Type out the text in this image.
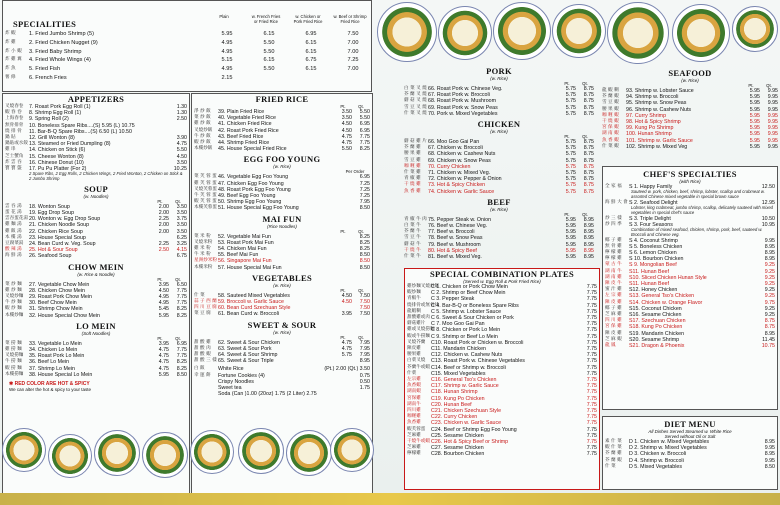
SPECIALITIES
Plain	w. French Fries
or Fried Rice
w. Chicken or
Pork Fried Rice
w. Beef or Shrimp
Fried Rice
炸 蝦	1. Fried Jumbo Shrimp (5)	5.95	6.15	6.95	7.50
炸 雞	2. Fried Chicken Nugget (9)	4.95	5.50	6.15	7.00
炸 小 蝦	3. Fried Baby Shrimp	4.95	5.50	6.15	7.00
炸 雞 翼	4. Fried Whole Wings (4)	5.15	6.15	6.75	7.25
炸 魚	5. Fried Fish	4.95	5.50	6.15	7.00
薯 條	6. French Fries	2.15
APPETIZERS
叉燒春卷	7. Roast Pork Egg Roll (1)	1.30
蝦 春 卷	8. Shrimp Egg Roll (1)	1.30
上海春卷	9. Spring Roll (2)	2.50
無骨排骨	10. Boneless Spare Ribs....(S) 5.95 (L) 10.75
燒 排 骨	11. Bar-B-Q Spare Ribs....(S) 6.50 (L) 10.50
鍋 貼	12. Grill Wonton (8)	3.90
鍋貼或水餃 13. Steamed or Fried Dumpling (8)	4.75
雞 串	14. Chicken on Stick (6)	5.50
芝士蟹角	15. Cheese Wonton (8)	4.50
炸 雲 吞	16. Chinese Donut (10)	3.50
寶 寶 盤	17. Pu Pu Platter (For 2)	10.25
2 Spare Ribs, 2 Egg Rolls, 2 Chicken Wings, 2 Fried Wonton, 2 Chicken on Stick & 2 Jumbo Shrimp
SOUP
(w. Noodles)
Pt.	Qt.
雲 吞 湯	18. Wonton Soup	2.00	3.50
蛋 花 湯	19. Egg Drop Soup	2.00	3.50
雲吞蛋花湯 20. Wonton w. Egg Drop Soup	2.25	3.75
雞 麵 湯	21. Chicken Noodle Soup	2.00	3.50
雞 飯 湯	22. Chicken Rice Soup	2.00	3.50
本 樓 湯	23. House Special Soup	6.25
豆腐菜湯	24. Bean Curd w. Veg. Soup	2.25	3.25
酸 辣 湯	25. Hot & Sour Soup	2.50	4.15
海 鮮 湯	26. Seafood Soup	6.75
CHOW MEIN
(w. Rice & Noodle)
Pt.	Qt.
菜 炒 麵	27. Vegetable Chow Mein	3.95	6.50
雞 炒 麵	28. Chicken Chow Mein	4.50	7.75
叉燒炒麵	29. Roast Pork Chow Mein	4.95	7.75
牛 炒 麵	30. Beef Chow Mein	4.95	7.75
蝦 炒 麵	31. Shrimp Chow Mein	5.45	8.25
本樓炒麵	32. House Special Chow Mein	5.95	8.25
LO MEIN
(Soft Noodles)
Pt.	Qt.
菜 撈 麵	33. Vegetable Lo Mein	3.95	6.95
雞 撈 麵	34. Chicken Lo Mein	4.75	7.75
叉燒撈麵	35. Roast Pork Lo Mein	4.75	7.75
牛 撈 麵	36. Beef Lo Mein	4.75	8.25
蝦 撈 麵	37. Shrimp Lo Mein	4.75	8.25
本樓撈麵	38. House Special Lo Mein	5.95	8.50
✱ RED COLOR ARE HOT & SPICY
We can alter the hot & spicy to your taste
FRIED RICE
Pt.	Qt.
淨 炒 飯	39. Plain Fried Rice	3.50	5.50
菜 炒 飯	40. Vegetable Fried Rice	3.50	5.50
雞 炒 飯	41. Chicken Fried Rice	4.50	6.95
叉燒炒飯	42. Roast Pork Fried Rice	4.50	6.95
牛 炒 飯	43. Beef Fried Rice	4.75	7.75
蝦 炒 飯	44. Shrimp Fried Rice	4.75	7.75
本樓炒飯	45. House Special Fried Rice	5.50	8.25
EGG FOO YOUNG
(w. Rice)
Per Order
菜 芙 蓉 蛋 46. Vegetable Egg Foo Young	6.95
雞 芙 蓉 蛋 47. Chicken Egg Foo Young	7.25
叉燒芙蓉蛋 48. Roast Pork Egg Foo Young	7.25
牛 芙 蓉 蛋 49. Beef Egg Foo Young	7.25
蝦 芙 蓉 蛋 50. Shrimp Egg Foo Young	7.95
本樓芙蓉蛋 51. House Special Egg Foo Young	8.50
MAI FUN
(Rice Noodles)
Pt.	Qt.
菜 米 粉	52. Vegetable Mai Fun	8.25
叉燒米粉	53. Roast Pork Mai Fun	8.25
雞 米 粉	54. Chicken Mai Fun	8.25
牛 米 粉	55. Beef Mai Fun	8.50
星洲炒米粉 56. Singapore Mai Fun	8.50
本樓米粉	57. House Special Mai Fun	8.50
VEGETABLES
(w. Rice)
Pt.	Qt.
什 菜	58. Sauteed Mixed Vegetables	4.50	7.50
蒜 子 西 蘭 59. Broccoli w. Garlic Sauce	4.50	7.50
四 川 豆 腐 60. Bean Curd Szechuan Style	7.50
菜 豆 腐	61. Bean Curd w. Broccoli	3.95	7.50
SWEET & SOUR
(w. Rice)
Pt.	Qt.
甜 酸 雞	62. Sweet & Sour Chicken	4.75	7.95
甜 酸 肉	63. Sweet & Sour Pork	4.75	7.95
甜 酸 蝦	64. Sweet & Sour Shrimp	5.75	7.95
甜 酸 三 樣 65. Sweet & Sour Triple	8.95
白 飯	White Rice	(Pt.) 2.00 (Qt.) 3.50
幸 運 餅	Fortune Cookies (4)	0.75
Crispy Noodles	0.50
Sweet tea	1.75
Soda (Can )1.00 (20oz) 1.75 (2 Liter) 2.75
PORK
(w. Rice)
Pt.	Qt.
白 菜 叉 燒 66. Roast Pork w. Chinese Veg.	5.75	8.75
芥 蘭 叉 燒 67. Roast Pork w. Broccoli	5.75	8.75
蘑 菇 叉 燒 68. Roast Pork w. Mushroom	5.75	8.75
雪 豆 叉 燒 69. Roast Pork w. Snow Peas	5.75	8.75
什 菜 叉 燒 70. Pork w. Mixed Vegetables	5.75	8.75
CHICKEN
(w. Rice)
Pt.	Qt.
蘑 菇 雞 片 66. Moo Goo Gai Pan	5.75	8.75
芥 蘭 雞	67. Chicken w. Broccoli	5.75	8.75
腰 果 雞	68. Chicken w. Cashew Nuts	5.75	8.75
雪 豆 雞	69. Chicken w. Snow Peas	5.75	8.75
咖 喱 雞	70. Curry Chicken	5.75	8.75
什 菜 雞	71. Chicken w. Mixed Veg.	5.75	8.75
青 椒 雞	72. Chicken w. Pepper & Onion	5.75	8.75
干 燒 雞	73. Hot & Spicy Chicken	5.75	8.75
魚 香 雞	74. Chicken w. Garlic Sauce	5.75	8.75
BEEF
(w. Rice)
Pt.	Qt.
青 椒 牛 肉 75. Pepper Steak w. Onion	5.95	8.95
白 菜 牛	76. Beef w. Chinese Veg.	5.95	8.95
芥 蘭 牛	77. Beef w. Broccoli	5.95	8.95
雪 豆 牛	78. Beef w. Snow Peas	5.95	8.95
蘑 菇 牛	79. Beef w. Mushroom	5.95	8.95
干 燒 牛	80. Hot & Spicy Beef	5.95	8.95
什 菜 牛	81. Beef w. Mixed Veg.	5.95	8.95
SPECIAL COMBINATION PLATES
(Served w. Egg Roll & Pork Fried Rice)
雞炒麵叉燒炒飯
C 1. Chicken or Pork Chow Mein	7.75
蝦炒麵	C 2. Shrimp or Beef Chow Mein	7.75
青椒牛	C 3. Pepper Steak	7.75
燒排骨或無骨排
C 4. Bar-B-Q or Boneless Spare Ribs	7.75
龍蝦糊	C 5. Shrimp w. Lobster Sauce	7.75
甜酸雞或肉 C 6. Sweet & Sour Chicken or Pork	7.75
蘑菇雞片	C 7. Moo Goo Gai Pan	7.75
雞或叉燒撈麵
C 8. Chicken or Pork Lo Mein	7.75
蝦或牛撈麵 C 9. Shrimp or Beef Lo Mein	7.75
叉燒芥蘭	C10. Roast Pork or Chicken w. Broccoli	7.75
陳皮雞	C11. Mandarin Chicken	7.75
腰果雞	C12. Chicken w. Cashew Nuts	7.75
白菜叉燒	C13. Roast Pork w. Chinese Vegetables	7.75
芥蘭牛或蝦 C14. Beef or Shrimp w. Broccoli	7.75
什菜	C15. Mixed Vegetables	7.75
左宗雞	C16. General Tso's Chicken	7.75
魚香蝦	C17. Shrimp w. Garlic Sauce	7.75
湖南蝦	C18. Hunan Shrimp	7.75
宮保雞	C19. Kung Po Chicken	7.75
湖南牛	C20. Hunan Beef	7.75
四川雞	C21. Chicken Szechuan Style	7.75
咖喱雞	C22. Curry Chicken	7.75
魚香雞	C23. Chicken w. Garlic Sauce	7.75
蝦芙蓉蛋	C24. Beef or Shrimp Egg Foo Young	7.75
芝麻雞	C25. Sesame Chicken	7.75
干燒牛或蝦 C26. Hot & Spicy Beef or Shrimp	7.75
芝麻雞	C27. Sesame Chicken	7.75
檸檬雞	C28. Bourbon Chicken	7.75
SEAFOOD
(w. Rice)
Pt.	Qt.
龍 蝦 糊	93. Shrimp w. Lobster Sauce	5.95	9.95
芥 蘭 蝦	94. Shrimp w. Broccoli	5.95	9.95
雪 豆 蝦	95. Shrimp w. Snow Peas	5.95	9.95
腰 果 蝦	96. Shrimp w. Cashew Nuts	5.95	9.95
咖 喱 蝦	97. Curry Shrimp	5.95	9.95
干 燒 蝦	98. Hot & Spicy Shrimp	5.95	9.95
宮 保 蝦	99. Kung Po Shrimp	5.95	9.95
湖 南 蝦	100. Hunan Shrimp	5.95	9.95
魚 香 蝦	101. Shrimp w. Garlic Sauce	5.95	9.95
什 菜 蝦	102. Shrimp w. Mixed Veg	5.95	9.95
CHEF'S SPECIALTIES
(with Rice)
全 家 福	S 1. Happy Family	12.50
Sauteed w. pork, chicken, beef, shrimp, lobster, scallop and crabmeat w. assorted Chinese mixed vegetable in special brown sauce
海 鮮 大 會 S 2. Seafood Delight	12.95
Lobster, king crabmeat, jumbo shrimp, scallop, delicately sauteed with mixed vegetables in special chef's sauce
炒 三 樣	S 3. Triple Delight	10.50
炒 四 季	S 3. Four Seasons	10.95
Combination of mixed seafood, chicken, shrimp, pork, beef, sauteed w. Broccoli and Chinese veg.
椰 子 雞	S 4. Coconut Shrimp	9.95
無 骨 雞	S 5. Boneless Chicken	8.95
檸 檬 雞	S 6. Lemon Chicken	8.95
檸 檬 雞	S 10. Bourbon Chicken	8.95
蒙 古 牛	S 9. Mongolian Beef	9.25
湖 南 牛	S11. Hunan Beef	9.25
湖 南 雞	S10. Sliced Chicken Hunan Style	9.25
陳 皮 牛	S11. Hunan Beef	9.25
蜜 汁 雞	S12. Honey Chicken	9.25
左 宗 雞	S13. General Tso's Chicken	9.25
陳 皮 雞	S14. Chicken w. Orange Flavor	9.75
椰 子 雞	S15. Coconut Chicken	9.25
芝 麻 雞	S16. Sesame Chicken	9.25
四 川 雞	S17. Szechuan Chicken	8.75
宮 保 雞	S18. Kung Po Chicken	8.75
陳 皮 雞	S19. Mandarin Chicken	8.95
芝 麻 蝦	S20. Sesame Shrimp	11.45
龍 鳳	S21. Dragon & Phoenix	10.75
DIET MENU
All Dishes Served Steamed w. White Rice
Served without Oil or Salt
素 什 菜	D 1. Chicken w. Mixed Vegetables	8.95
蝦 什 菜	D 2. Shrimp w. Mixed Vegetables	9.95
芥 蘭 雞	D 3. Chicken w. Broccoli	8.95
芥 蘭 蝦	D 4. Shrimp w. Broccoli	9.95
什 菜	D 5. Mixed Vegetables	8.50
